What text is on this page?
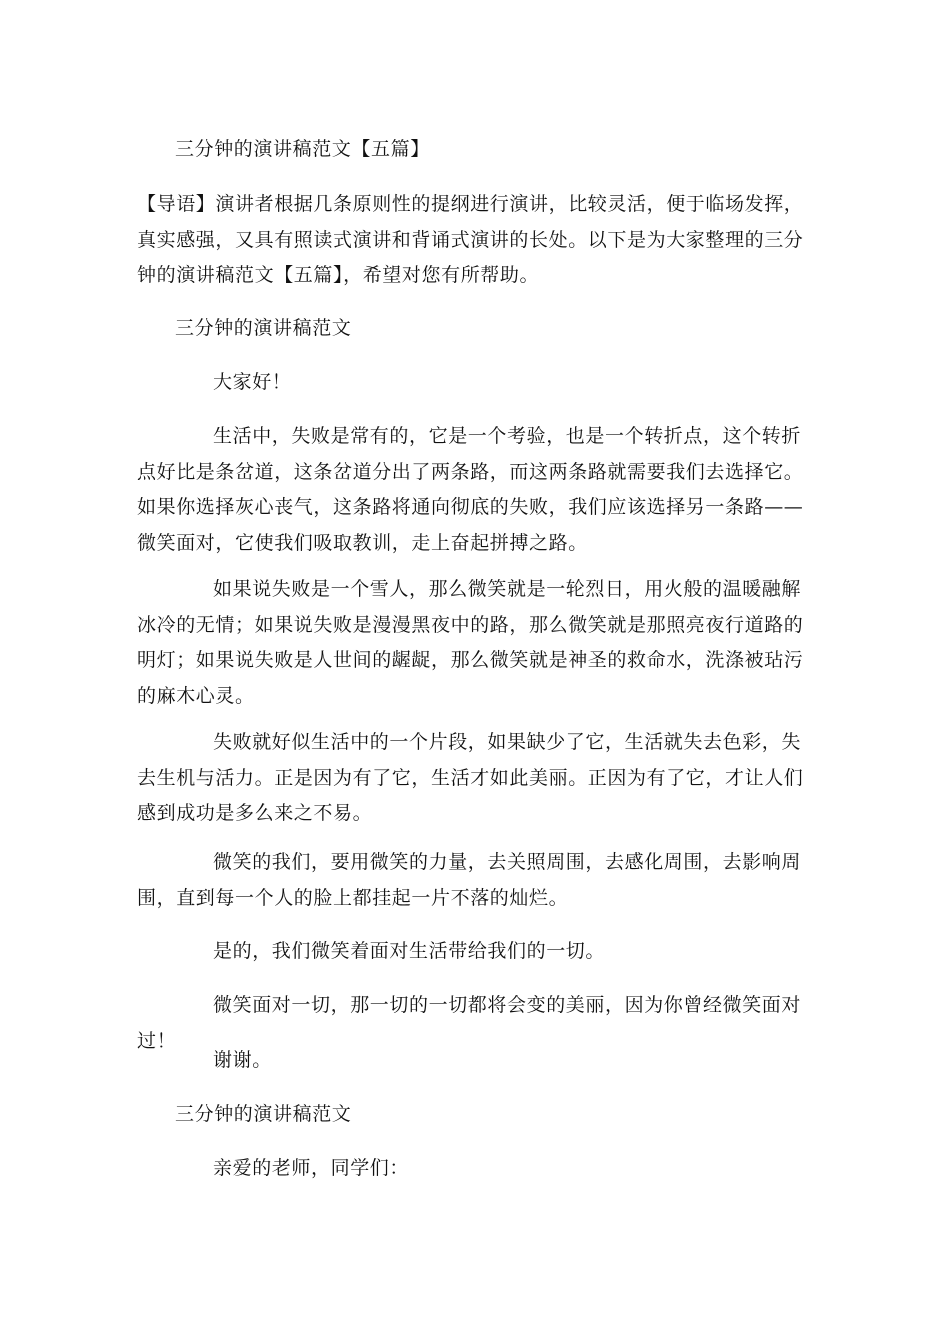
三分钟的演讲稿范文【五篇】

【导语】演讲者根据几条原则性的提纲进行演讲，比较灵活，便于临场发挥，真实感强，又具有照读式演讲和背诵式演讲的长处。以下是为大家整理的三分钟的演讲稿范文【五篇】，希望对您有所帮助。

三分钟的演讲稿范文

大家好！

生活中，失败是常有的，它是一个考验，也是一个转折点，这个转折点好比是条岔道，这条岔道分出了两条路，而这两条路就需要我们去选择它。如果你选择灰心丧气，这条路将通向彻底的失败，我们应该选择另一条路——微笑面对，它使我们吸取教训，走上奋起拼搏之路。

如果说失败是一个雪人，那么微笑就是一轮烈日，用火般的温暖融解冰冷的无情；如果说失败是漫漫黑夜中的路，那么微笑就是那照亮夜行道路的明灯；如果说失败是人世间的龌龊，那么微笑就是神圣的救命水，洗涤被玷污的麻木心灵。

失败就好似生活中的一个片段，如果缺少了它，生活就失去色彩，失去生机与活力。正是因为有了它，生活才如此美丽。正因为有了它，才让人们感到成功是多么来之不易。

微笑的我们，要用微笑的力量，去关照周围，去感化周围，去影响周围，直到每一个人的脸上都挂起一片不落的灿烂。

是的，我们微笑着面对生活带给我们的一切。

微笑面对一切，那一切的一切都将会变的美丽，因为你曾经微笑面对过！

谢谢。

三分钟的演讲稿范文

亲爱的老师，同学们：
